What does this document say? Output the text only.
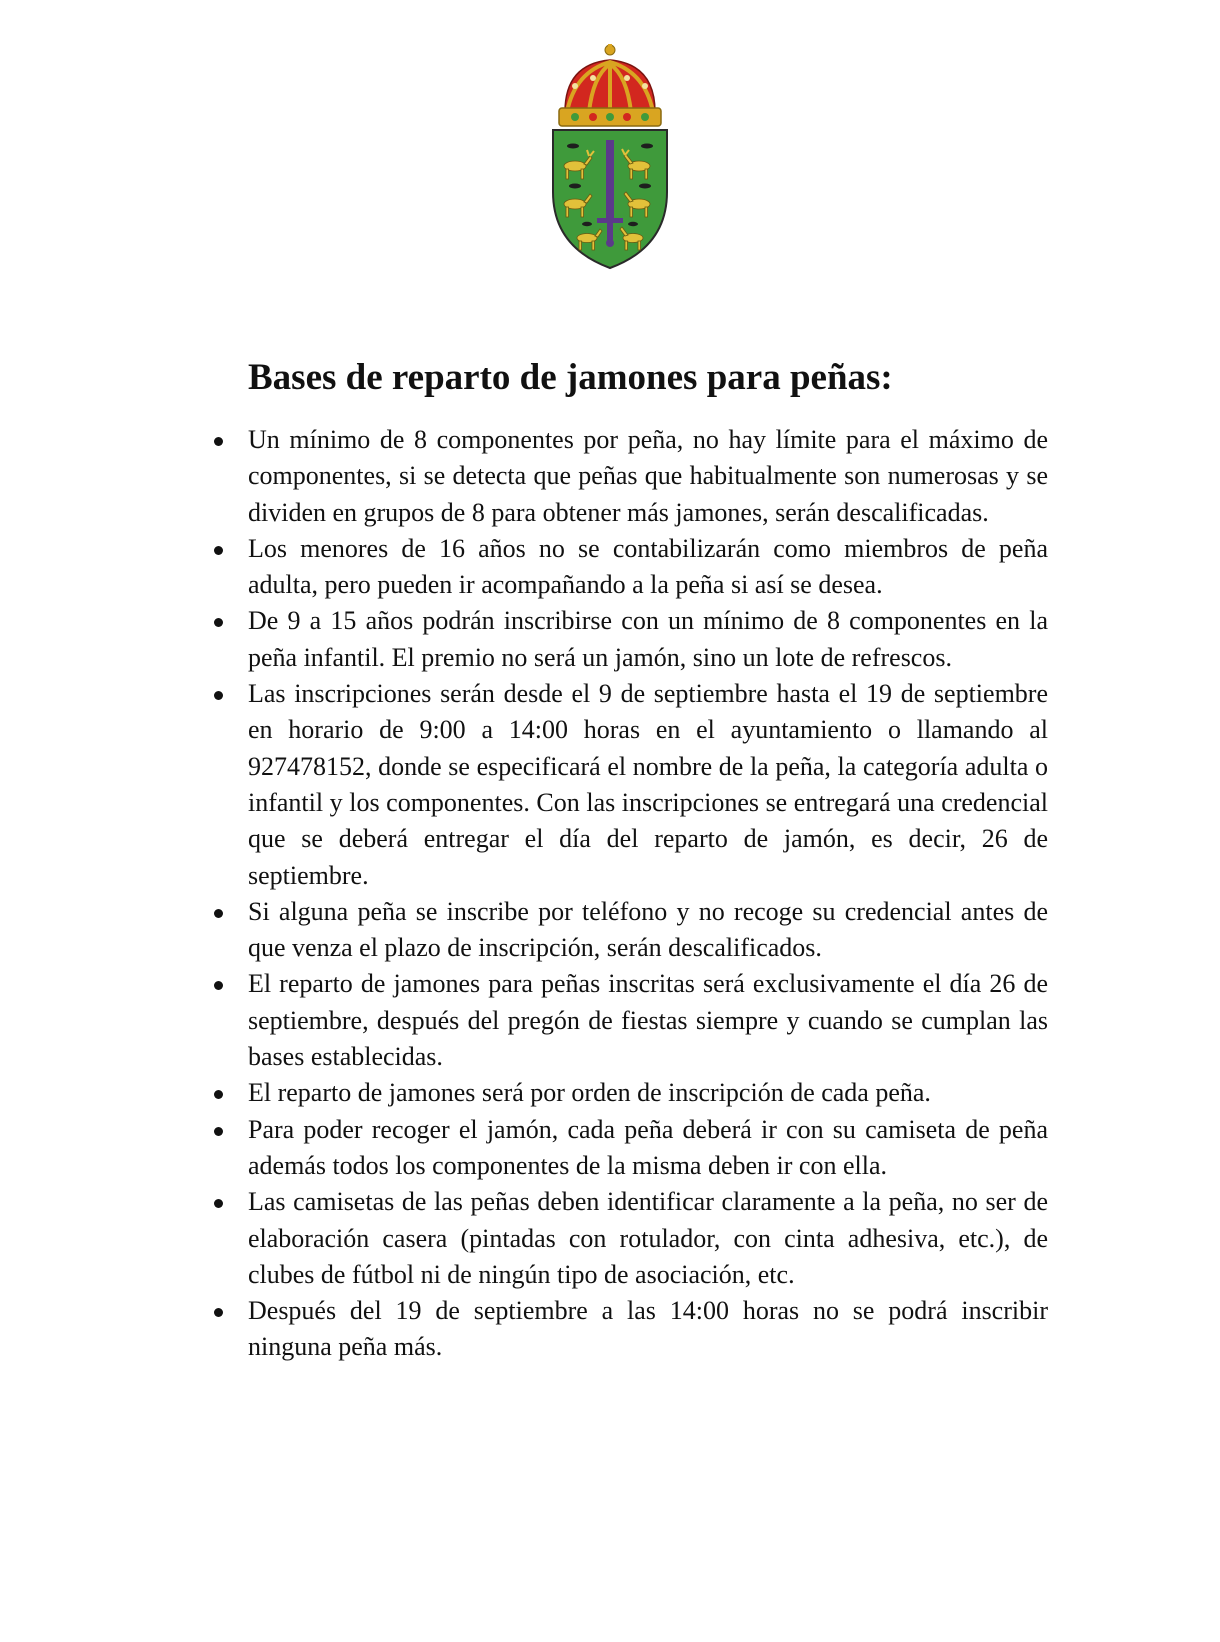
Bases de reparto de jamones para peñas:
Un mínimo de 8 componentes por peña, no hay límite para el máximo de componentes, si se detecta que peñas que habitualmente son numerosas y se dividen en grupos de 8 para obtener más jamones, serán descalificadas.
Los menores de 16 años no se contabilizarán como miembros de peña adulta, pero pueden ir acompañando a la peña si así se desea.
De 9 a 15 años podrán inscribirse con un mínimo de 8 componentes en la peña infantil. El premio no será un jamón, sino un lote de refrescos.
Las inscripciones serán desde el 9 de septiembre hasta el 19 de septiembre en horario de 9:00 a 14:00 horas en el ayuntamiento o llamando al 927478152, donde se especificará el nombre de la peña, la categoría adulta o infantil y los componentes. Con las inscripciones se entregará una credencial que se deberá entregar el día del reparto de jamón, es decir, 26 de septiembre.
Si alguna peña se inscribe por teléfono y no recoge su credencial antes de que venza el plazo de inscripción, serán descalificados.
El reparto de jamones para peñas inscritas será exclusivamente el día 26 de septiembre, después del pregón de fiestas siempre y cuando se cumplan las bases establecidas.
El reparto de jamones será por orden de inscripción de cada peña.
Para poder recoger el jamón, cada peña deberá ir con su camiseta de peña además todos los componentes de la misma deben ir con ella.
Las camisetas de las peñas deben identificar claramente a la peña, no ser de elaboración casera (pintadas con rotulador, con cinta adhesiva, etc.), de clubes de fútbol ni de ningún tipo de asociación, etc.
Después del 19 de septiembre a las 14:00 horas no se podrá inscribir ninguna peña más.
